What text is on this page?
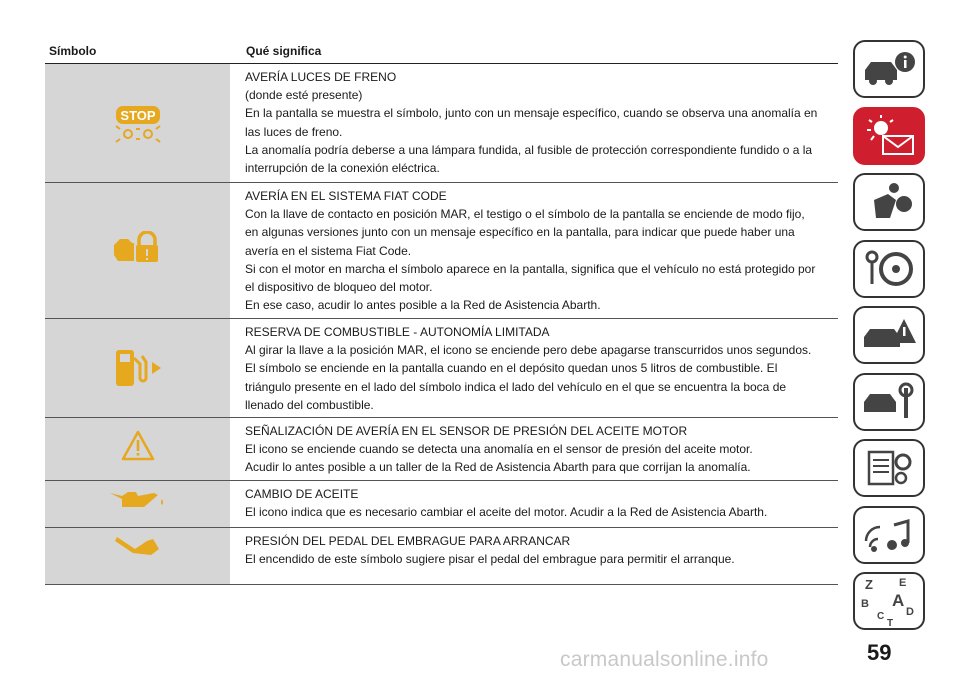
Símbolo	Qué significa
STOP

AVERÍA LUCES DE FRENO

(donde esté presente)

En la pantalla se muestra el símbolo, junto con un mensaje específico, cuando se observa una anomalía en

las luces de freno.

La anomalía podría deberse a una lámpara fundida, al fusible de protección correspondiente fundido o a la

interrupción de la conexión eléctrica.

AVERÍA EN EL SISTEMA FIAT CODE

Con la llave de contacto en posición MAR, el testigo o el símbolo de la pantalla se enciende de modo fijo,

en algunas versiones junto con un mensaje específico en la pantalla, para indicar que puede haber una

avería en el sistema Fiat Code.

Si con el motor en marcha el símbolo aparece en la pantalla, significa que el vehículo no está protegido por

el dispositivo de bloqueo del motor.

En ese caso, acudir lo antes posible a la Red de Asistencia Abarth.

RESERVA DE COMBUSTIBLE - AUTONOMÍA LIMITADA

Al girar la llave a la posición MAR, el icono se enciende pero debe apagarse transcurridos unos segundos.

El símbolo se enciende en la pantalla cuando en el depósito quedan unos 5 litros de combustible. El

triángulo presente en el lado del símbolo indica el lado del vehículo en el que se encuentra la boca de

llenado del combustible.

SEÑALIZACIÓN DE AVERÍA EN EL SENSOR DE PRESIÓN DEL ACEITE MOTOR

El icono se enciende cuando se detecta una anomalía en el sensor de presión del aceite motor.

Acudir lo antes posible a un taller de la Red de Asistencia Abarth para que corrijan la anomalía.

CAMBIO DE ACEITE

El icono indica que es necesario cambiar el aceite del motor. Acudir a la Red de Asistencia Abarth.

PRESIÓN DEL PEDAL DEL EMBRAGUE PARA ARRANCAR

El encendido de este símbolo sugiere pisar el pedal del embrague para permitir el arranque.

Z E
A
B
C D
T
59
carmanualsonline.info
